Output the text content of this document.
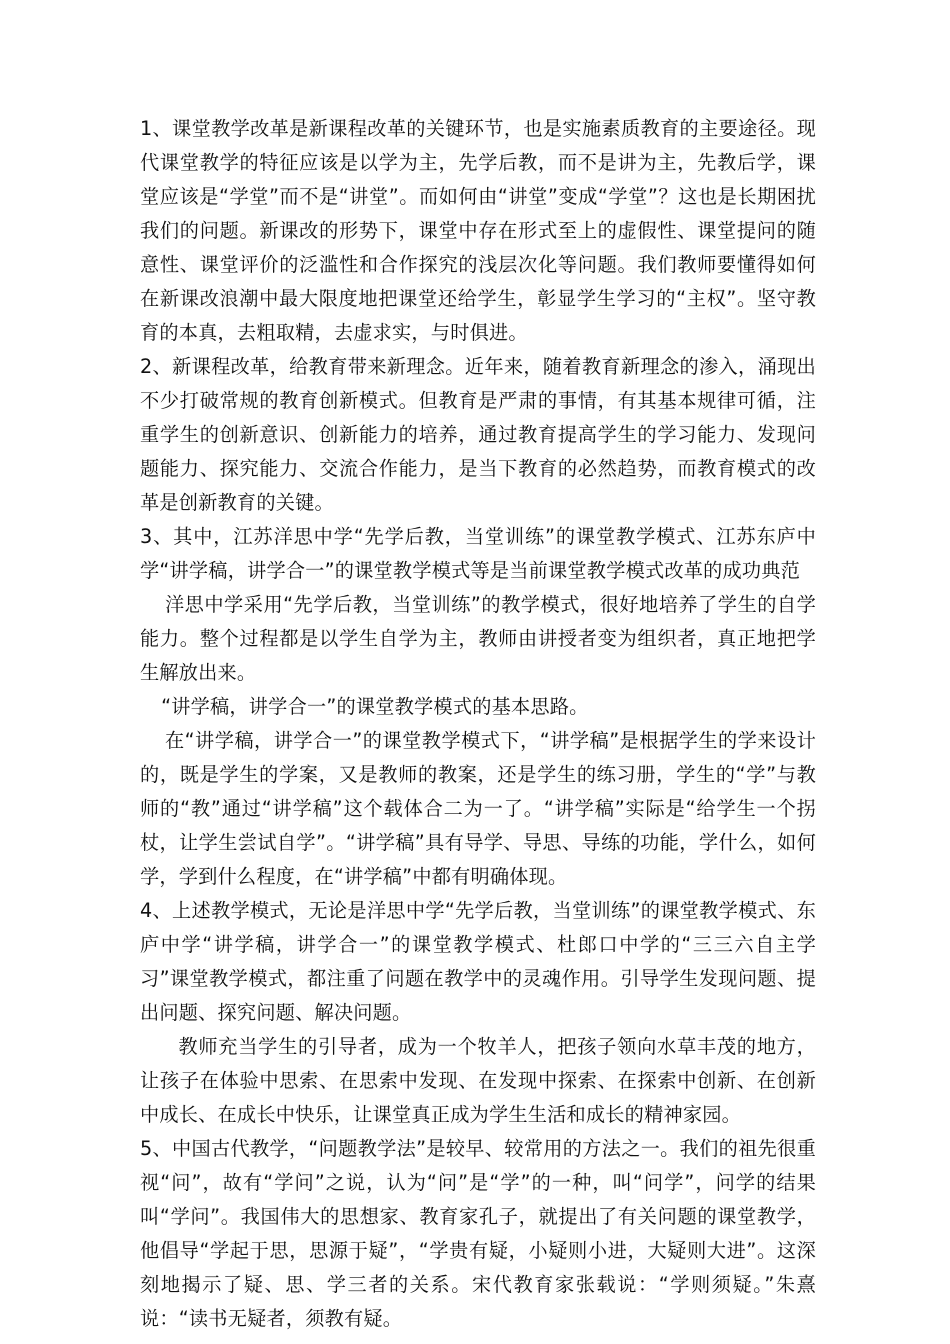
1、课堂教学改革是新课程改革的关键环节，也是实施素质教育的主要途径。现代课堂教学的特征应该是以学为主，先学后教，而不是讲为主，先教后学，课堂应该是“学堂”而不是“讲堂”。而如何由“讲堂”变成“学堂”？这也是长期困扰我们的问题。新课改的形势下，课堂中存在形式至上的虚假性、课堂提问的随意性、课堂评价的泛滥性和合作探究的浅层次化等问题。我们教师要懂得如何在新课改浪潮中最大限度地把课堂还给学生，彰显学生学习的“主权”。坚守教育的本真，去粗取精，去虚求实，与时俱进。

2、新课程改革，给教育带来新理念。近年来，随着教育新理念的渗入，涌现出不少打破常规的教育创新模式。但教育是严肃的事情，有其基本规律可循，注重学生的创新意识、创新能力的培养，通过教育提高学生的学习能力、发现问题能力、探究能力、交流合作能力，是当下教育的必然趋势，而教育模式的改革是创新教育的关键。

3、其中，江苏洋思中学“先学后教，当堂训练”的课堂教学模式、江苏东庐中学“讲学稿，讲学合一”的课堂教学模式等是当前课堂教学模式改革的成功典范

洋思中学采用“先学后教，当堂训练”的教学模式，很好地培养了学生的自学能力。整个过程都是以学生自学为主，教师由讲授者变为组织者，真正地把学生解放出来。

“讲学稿，讲学合一”的课堂教学模式的基本思路。

在“讲学稿，讲学合一”的课堂教学模式下，“讲学稿”是根据学生的学来设计的，既是学生的学案，又是教师的教案，还是学生的练习册，学生的“学”与教师的“教”通过“讲学稿”这个载体合二为一了。“讲学稿”实际是“给学生一个拐杖，让学生尝试自学”。“讲学稿”具有导学、导思、导练的功能，学什么，如何学，学到什么程度，在“讲学稿”中都有明确体现。

4、上述教学模式，无论是洋思中学“先学后教，当堂训练”的课堂教学模式、东庐中学“讲学稿，讲学合一”的课堂教学模式、杜郎口中学的“三三六自主学习”课堂教学模式，都注重了问题在教学中的灵魂作用。引导学生发现问题、提出问题、探究问题、解决问题。

教师充当学生的引导者，成为一个牧羊人，把孩子领向水草丰茂的地方，让孩子在体验中思索、在思索中发现、在发现中探索、在探索中创新、在创新中成长、在成长中快乐，让课堂真正成为学生生活和成长的精神家园。

5、中国古代教学，“问题教学法”是较早、较常用的方法之一。我们的祖先很重视“问”，故有“学问”之说，认为“问”是“学”的一种，叫“问学”，问学的结果叫“学问”。我国伟大的思想家、教育家孔子，就提出了有关问题的课堂教学，他倡导“学起于思，思源于疑”，“学贵有疑，小疑则小进，大疑则大进”。这深刻地揭示了疑、思、学三者的关系。宋代教育家张载说：“学则须疑。”朱熹说：“读书无疑者，须教有疑。
